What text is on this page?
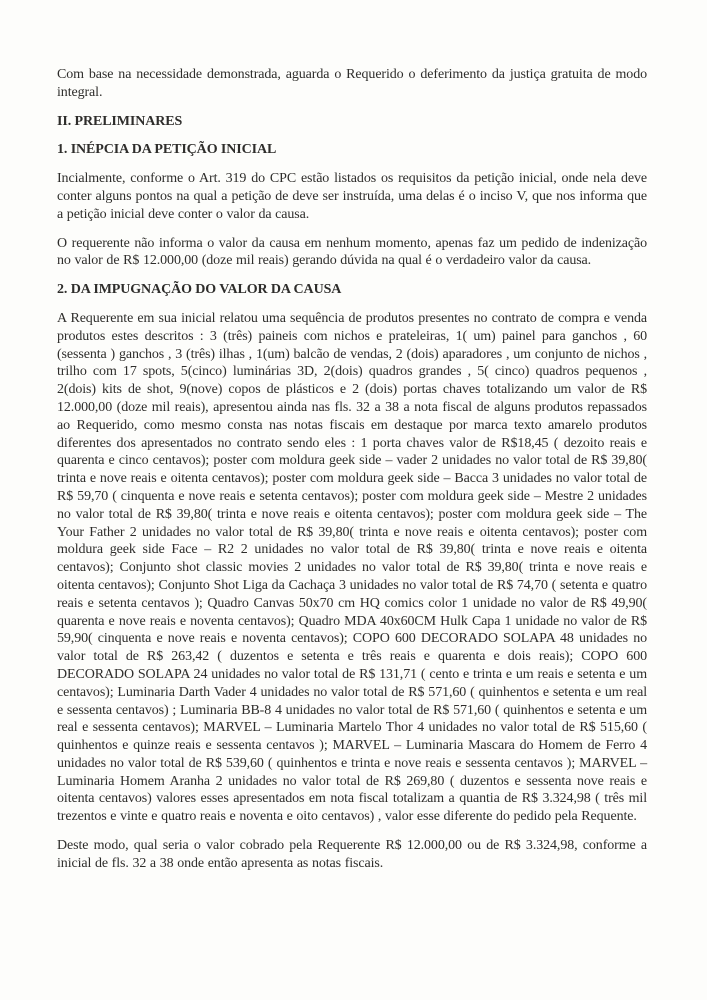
Com base na necessidade demonstrada, aguarda o Requerido o deferimento da justiça gratuita de modo integral.

II. PRELIMINARES

1. INÉPCIA DA PETIÇÃO INICIAL

Incialmente, conforme o Art. 319 do CPC estão listados os requisitos da petição inicial, onde nela deve conter alguns pontos na qual a petição de deve ser instruída, uma delas é o inciso V, que nos informa que a petição inicial deve conter o valor da causa.

O requerente não informa o valor da causa em nenhum momento, apenas faz um pedido de indenização no valor de R$ 12.000,00 (doze mil reais) gerando dúvida na qual é o verdadeiro valor da causa.

2. DA IMPUGNAÇÃO DO VALOR DA CAUSA

A Requerente em sua inicial relatou uma sequência de produtos presentes no contrato de compra e venda produtos estes descritos : 3 (três) paineis com nichos e prateleiras, 1( um) painel para ganchos , 60 (sessenta ) ganchos , 3 (três) ilhas , 1(um) balcão de vendas, 2 (dois) aparadores , um conjunto de nichos , trilho com 17 spots, 5(cinco) luminárias 3D, 2(dois) quadros grandes , 5( cinco) quadros pequenos , 2(dois) kits de shot, 9(nove) copos de plásticos e 2 (dois) portas chaves totalizando um valor de R$ 12.000,00 (doze mil reais), apresentou ainda nas fls. 32 a 38 a nota fiscal de alguns produtos repassados ao Requerido, como mesmo consta nas notas fiscais em destaque por marca texto amarelo produtos diferentes dos apresentados no contrato sendo eles : 1 porta chaves valor de R$18,45 ( dezoito reais e quarenta e cinco centavos); poster com moldura geek side – vader 2 unidades no valor total de R$ 39,80( trinta e nove reais e oitenta centavos); poster com moldura geek side – Bacca 3 unidades no valor total de R$ 59,70 ( cinquenta e nove reais e setenta centavos); poster com moldura geek side – Mestre 2 unidades no valor total de R$ 39,80( trinta e nove reais e oitenta centavos); poster com moldura geek side – The Your Father 2 unidades no valor total de R$ 39,80( trinta e nove reais e oitenta centavos); poster com moldura geek side Face – R2 2 unidades no valor total de R$ 39,80( trinta e nove reais e oitenta centavos); Conjunto shot classic movies 2 unidades no valor total de R$ 39,80( trinta e nove reais e oitenta centavos); Conjunto Shot Liga da Cachaça 3 unidades no valor total de R$ 74,70 ( setenta e quatro reais e setenta centavos ); Quadro Canvas 50x70 cm HQ comics color 1 unidade no valor de R$ 49,90( quarenta e nove reais e noventa centavos); Quadro MDA 40x60CM Hulk Capa 1 unidade no valor de R$ 59,90( cinquenta e nove reais e noventa centavos); COPO 600 DECORADO SOLAPA 48 unidades no valor total de R$ 263,42 ( duzentos e setenta e três reais e quarenta e dois reais); COPO 600 DECORADO SOLAPA 24 unidades no valor total de R$ 131,71 ( cento e trinta e um reais e setenta e um centavos); Luminaria Darth Vader 4 unidades no valor total de R$ 571,60 ( quinhentos e setenta e um real e sessenta centavos) ; Luminaria BB-8 4 unidades no valor total de R$ 571,60 ( quinhentos e setenta e um real e sessenta centavos); MARVEL – Luminaria Martelo Thor 4 unidades no valor total de R$ 515,60 ( quinhentos e quinze reais e sessenta centavos ); MARVEL – Luminaria Mascara do Homem de Ferro 4 unidades no valor total de R$ 539,60 ( quinhentos e trinta e nove reais e sessenta centavos ); MARVEL – Luminaria Homem Aranha 2 unidades no valor total de R$ 269,80 ( duzentos e sessenta nove reais e oitenta centavos) valores esses apresentados em nota fiscal totalizam a quantia de R$ 3.324,98 ( três mil trezentos e vinte e quatro reais e noventa e oito centavos) , valor esse diferente do pedido pela Requente.

Deste modo, qual seria o valor cobrado pela Requerente R$ 12.000,00 ou de R$ 3.324,98, conforme a inicial de fls. 32 a 38 onde então apresenta as notas fiscais.
